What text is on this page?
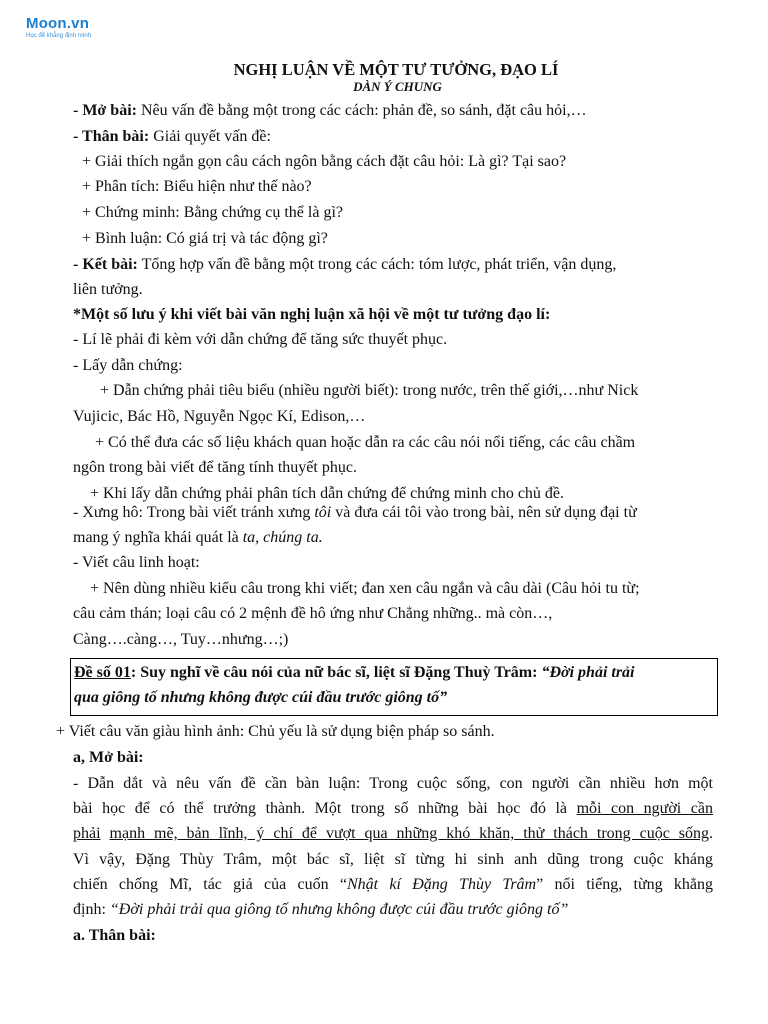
Moon.vn
Học để khẳng định mình
NGHỊ LUẬN VỀ MỘT TƯ TƯỞNG, ĐẠO LÍ
DÀN Ý CHUNG
- Mở bài: Nêu vấn đề bằng một trong các cách: phản đề, so sánh, đặt câu hỏi,…
- Thân bài: Giải quyết vấn đề:
+ Giải thích ngắn gọn câu cách ngôn bằng cách đặt câu hỏi: Là gì? Tại sao?
+ Phân tích: Biểu hiện như thế nào?
+ Chứng minh: Bằng chứng cụ thể là gì?
+ Bình luận: Có giá trị và tác động gì?
- Kết bài: Tổng hợp vấn đề bằng một trong các cách: tóm lược, phát triển, vận dụng,
liên tưởng.
*Một số lưu ý khi viết bài văn nghị luận xã hội về một tư tưởng đạo lí:
- Lí lẽ phải đi kèm với dẫn chứng để tăng sức thuyết phục.
- Lấy dẫn chứng:
+ Dẫn chứng phải tiêu biểu (nhiều người biết): trong nước, trên thế giới,…như Nick
Vujicic, Bác Hồ, Nguyễn Ngọc Kí, Edison,…
+ Có thể đưa các số liệu khách quan hoặc dẫn ra các câu nói nổi tiếng, các câu chầm
ngôn trong bài viết để tăng tính thuyết phục.
+ Khi lấy dẫn chứng phải phân tích dẫn chứng để chứng minh cho chủ đề.
- Xưng hô: Trong bài viết tránh xưng tôi và đưa cái tôi vào trong bài, nên sử dụng đại từ
mang ý nghĩa khái quát là ta, chúng ta.
- Viết câu linh hoạt:
+ Nên dùng nhiều kiểu câu trong khi viết; đan xen câu ngắn và câu dài (Câu hỏi tu từ;
câu cảm thán; loại câu có 2 mệnh đề hô ứng như Chẳng những.. mà còn…,
Càng….càng…, Tuy…nhưng…;)
Đề số 01: Suy nghĩ về câu nói của nữ bác sĩ, liệt sĩ Đặng Thuỳ Trâm: “Đời phải trải
qua giông tố nhưng không được cúi đầu trước giông tố”
+ Viết câu văn giàu hình ảnh: Chủ yếu là sử dụng biện pháp so sánh.
a, Mở bài:
- Dẫn dắt và nêu vấn đề cần bàn luận: Trong cuộc sống, con người cần nhiều hơn một
bài học để có thể trưởng thành. Một trong số những bài học đó là mỗi con người cần
phải mạnh mẽ, bản lĩnh, ý chí để vượt qua những khó khăn, thử thách trong cuộc sống.
Vì vậy, Đặng Thùy Trâm, một bác sĩ, liệt sĩ từng hi sinh anh dũng trong cuộc kháng
chiến chống Mĩ, tác giả của cuốn “Nhật kí Đặng Thùy Trâm” nổi tiếng, từng khẳng
định: “Đời phải trải qua giông tố nhưng không được cúi đầu trước giông tố”
a. Thân bài:
